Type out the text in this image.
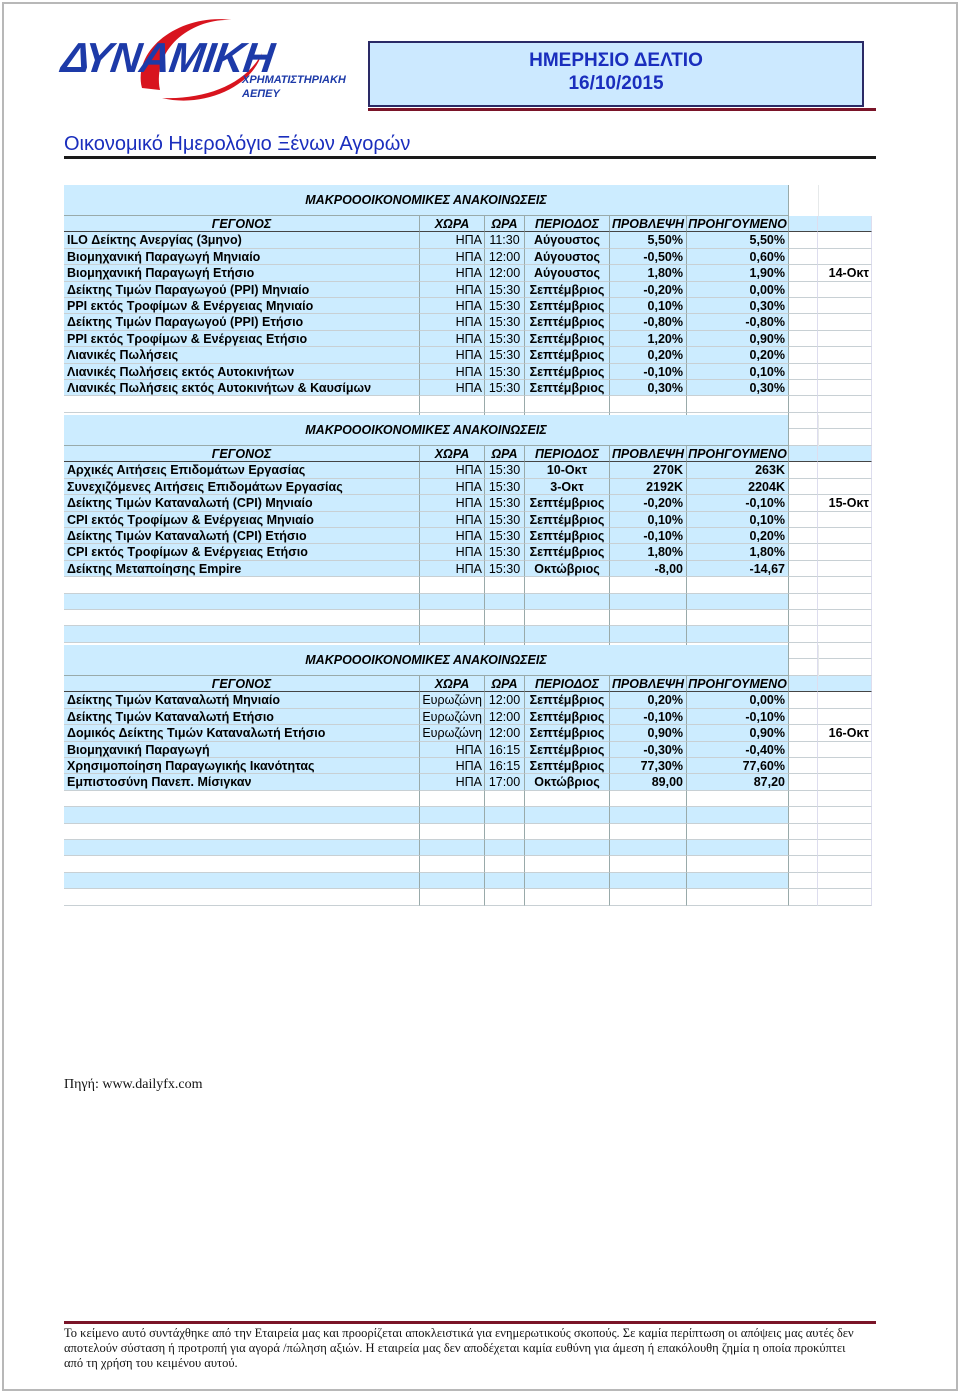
ΔΥΝΑΜΙΚΗ
ΧΡΗΜΑΤΙΣΤΗΡΙΑΚΗ
ΑΕΠΕΥ
ΗΜΕΡΗΣΙΟ ΔΕΛΤΙΟ
16/10/2015
Οικονομικό Ημερολόγιο Ξένων Αγορών
ΜΑΚΡΟΟΟΙΚΟΝΟΜΙΚΕΣ ΑΝΑΚΟΙΝΩΣΕΙΣ
ΓΕΓΟΝΟΣ	ΧΩΡΑ	ΩΡΑ	ΠΕΡΙΟΔΟΣ	ΠΡΟΒΛΕΨΗ ΠΡΟΗΓΟΥΜΕΝΟ
ILO Δείκτης Ανεργίας (3μηνο)	ΗΠΑ 11:30	Αύγουστος	5,50%	5,50%
Βιομηχανική Παραγωγή Μηνιαίο	ΗΠΑ 12:00	Αύγουστος	-0,50%	0,60%
Βιομηχανική Παραγωγή Ετήσιο	ΗΠΑ 12:00	Αύγουστος	1,80%	1,90%	14-Οκτ
Δείκτης Τιμών Παραγωγού (PPI) Μηνιαίο	ΗΠΑ 15:30 Σεπτέμβριος	-0,20%	0,00%
PPI εκτός Τροφίμων & Ενέργειας Μηνιαίο	ΗΠΑ 15:30 Σεπτέμβριος	0,10%	0,30%
Δείκτης Τιμών Παραγωγού (PPI) Ετήσιο	ΗΠΑ 15:30 Σεπτέμβριος	-0,80%	-0,80%
PPI εκτός Τροφίμων & Ενέργειας Ετήσιο	ΗΠΑ 15:30 Σεπτέμβριος	1,20%	0,90%
Λιανικές Πωλήσεις	ΗΠΑ 15:30 Σεπτέμβριος	0,20%	0,20%
Λιανικές Πωλήσεις εκτός Αυτοκινήτων	ΗΠΑ 15:30 Σεπτέμβριος	-0,10%	0,10%
Λιανικές Πωλήσεις εκτός Αυτοκινήτων & Καυσίμων	ΗΠΑ 15:30 Σεπτέμβριος	0,30%	0,30%
ΜΑΚΡΟΟΟΙΚΟΝΟΜΙΚΕΣ ΑΝΑΚΟΙΝΩΣΕΙΣ
ΓΕΓΟΝΟΣ	ΧΩΡΑ	ΩΡΑ	ΠΕΡΙΟΔΟΣ	ΠΡΟΒΛΕΨΗ ΠΡΟΗΓΟΥΜΕΝΟ
Αρχικές Αιτήσεις Επιδομάτων Εργασίας	ΗΠΑ 15:30	10-Οκτ	270K	263K
Συνεχιζόμενες Αιτήσεις Επιδομάτων Εργασίας	ΗΠΑ 15:30	3-Οκτ	2192K	2204K
Δείκτης Τιμών Καταναλωτή (CPI) Μηνιαίο	ΗΠΑ 15:30 Σεπτέμβριος	-0,20%	-0,10%	15-Οκτ
CPI εκτός Τροφίμων & Ενέργειας Μηνιαίο	ΗΠΑ 15:30 Σεπτέμβριος	0,10%	0,10%
Δείκτης Τιμών Καταναλωτή (CPI) Ετήσιο	ΗΠΑ 15:30 Σεπτέμβριος	-0,10%	0,20%
CPI εκτός Τροφίμων & Ενέργειας Ετήσιο	ΗΠΑ 15:30 Σεπτέμβριος	1,80%	1,80%
Δείκτης Μεταποίησης Empire	ΗΠΑ 15:30	Οκτώβριος	-8,00	-14,67
ΜΑΚΡΟΟΟΙΚΟΝΟΜΙΚΕΣ ΑΝΑΚΟΙΝΩΣΕΙΣ
ΓΕΓΟΝΟΣ	ΧΩΡΑ	ΩΡΑ	ΠΕΡΙΟΔΟΣ	ΠΡΟΒΛΕΨΗ ΠΡΟΗΓΟΥΜΕΝΟ
Δείκτης Τιμών Καταναλωτή Μηνιαίο	Ευρωζώνη 12:00 Σεπτέμβριος	0,20%	0,00%
Δείκτης Τιμών Καταναλωτή Ετήσιο	Ευρωζώνη 12:00 Σεπτέμβριος	-0,10%	-0,10%
Δομικός Δείκτης Τιμών Καταναλωτή Ετήσιο	Ευρωζώνη 12:00 Σεπτέμβριος	0,90%	0,90%	16-Οκτ
Βιομηχανική Παραγωγή	ΗΠΑ 16:15 Σεπτέμβριος	-0,30%	-0,40%
Χρησιμοποίηση Παραγωγικής Ικανότητας	ΗΠΑ 16:15 Σεπτέμβριος	77,30%	77,60%
Εμπιστοσύνη Πανεπ. Μίσιγκαν	ΗΠΑ 17:00	Οκτώβριος	89,00	87,20
Πηγή: www.dailyfx.com
Το κείμενο αυτό συντάχθηκε από την Εταιρεία μας και προορίζεται αποκλειστικά για ενημερωτικούς σκοπούς. Σε καμία περίπτωση οι απόψεις μας αυτές δεν αποτελούν σύσταση ή προτροπή για αγορά /πώληση αξιών. Η εταιρεία μας δεν αποδέχεται καμία ευθύνη για άμεση ή επακόλουθη ζημία η οποία προκύπτει από τη χρήση του κειμένου αυτού.
